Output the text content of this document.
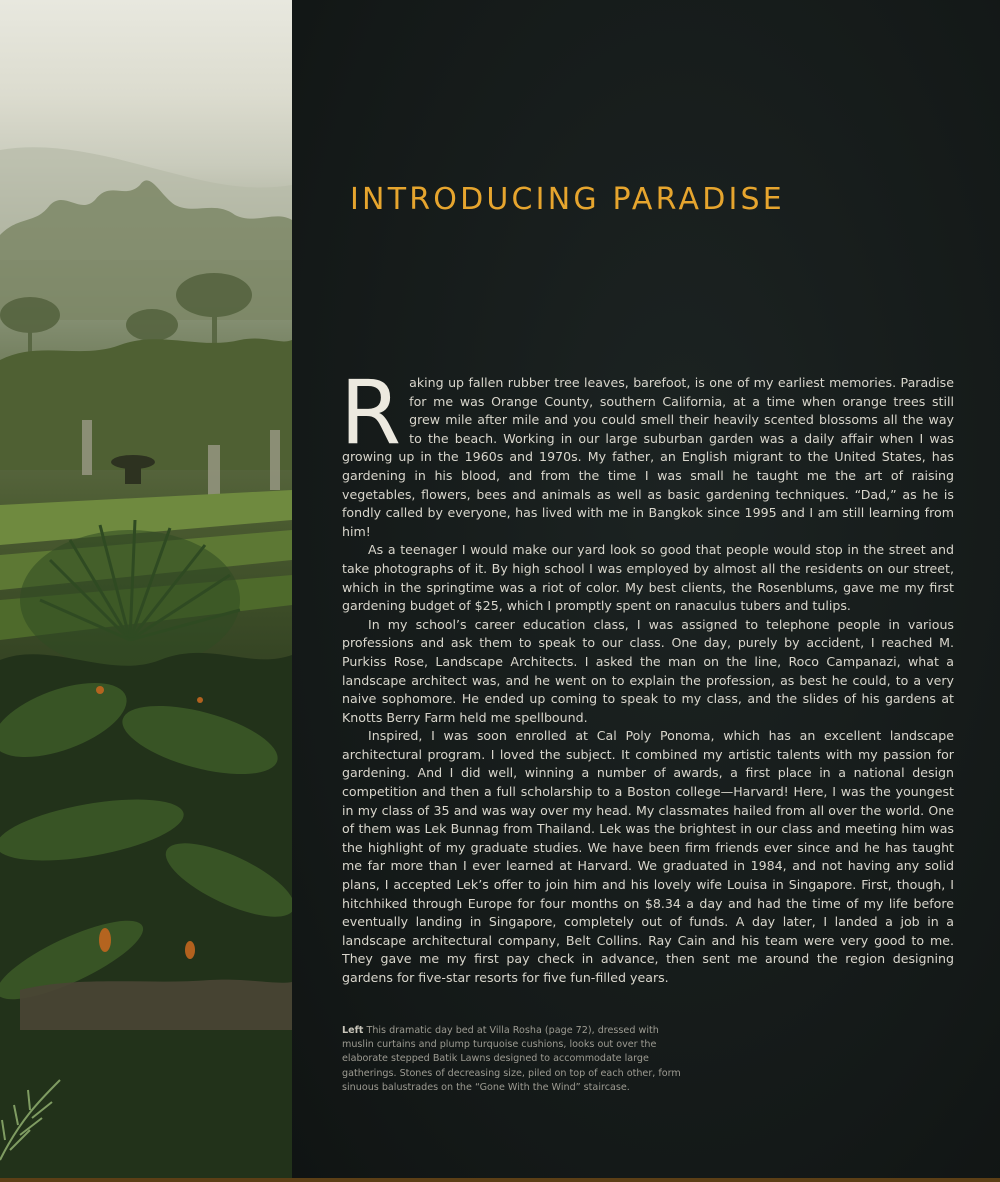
INTRODUCING PARADISE

Raking up fallen rubber tree leaves, barefoot, is one of my earliest memories. Paradise for me was Orange County, southern California, at a time when orange trees still grew mile after mile and you could smell their heavily scented blossoms all the way to the beach. Working in our large suburban garden was a daily affair when I was growing up in the 1960s and 1970s. My father, an English migrant to the United States, has gardening in his blood, and from the time I was small he taught me the art of raising vegetables, flowers, bees and animals as well as basic gardening techniques. “Dad,” as he is fondly called by everyone, has lived with me in Bangkok since 1995 and I am still learning from him!

As a teenager I would make our yard look so good that people would stop in the street and take photographs of it. By high school I was employed by almost all the residents on our street, which in the springtime was a riot of color. My best clients, the Rosenblums, gave me my first gardening budget of $25, which I promptly spent on ranaculus tubers and tulips.

In my school’s career education class, I was assigned to telephone people in various professions and ask them to speak to our class. One day, purely by accident, I reached M. Purkiss Rose, Landscape Architects. I asked the man on the line, Roco Campanazi, what a landscape architect was, and he went on to explain the profession, as best he could, to a very naive sophomore. He ended up coming to speak to my class, and the slides of his gardens at Knotts Berry Farm held me spellbound.

Inspired, I was soon enrolled at Cal Poly Ponoma, which has an excellent landscape architectural program. I loved the subject. It combined my artistic talents with my passion for gardening. And I did well, winning a number of awards, a first place in a national design competition and then a full scholarship to a Boston college—Harvard! Here, I was the youngest in my class of 35 and was way over my head. My classmates hailed from all over the world. One of them was Lek Bunnag from Thailand. Lek was the brightest in our class and meeting him was the highlight of my graduate studies. We have been firm friends ever since and he has taught me far more than I ever learned at Harvard. We graduated in 1984, and not having any solid plans, I accepted Lek’s offer to join him and his lovely wife Louisa in Singapore. First, though, I hitchhiked through Europe for four months on $8.34 a day and had the time of my life before eventually landing in Singapore, completely out of funds. A day later, I landed a job in a landscape architectural company, Belt Collins. Ray Cain and his team were very good to me. They gave me my first pay check in advance, then sent me around the region designing gardens for five-star resorts for five fun-filled years.

Left This dramatic day bed at Villa Rosha (page 72), dressed with muslin curtains and plump turquoise cushions, looks out over the elaborate stepped Batik Lawns designed to accommodate large gatherings. Stones of decreasing size, piled on top of each other, form sinuous balustrades on the “Gone With the Wind” staircase.
